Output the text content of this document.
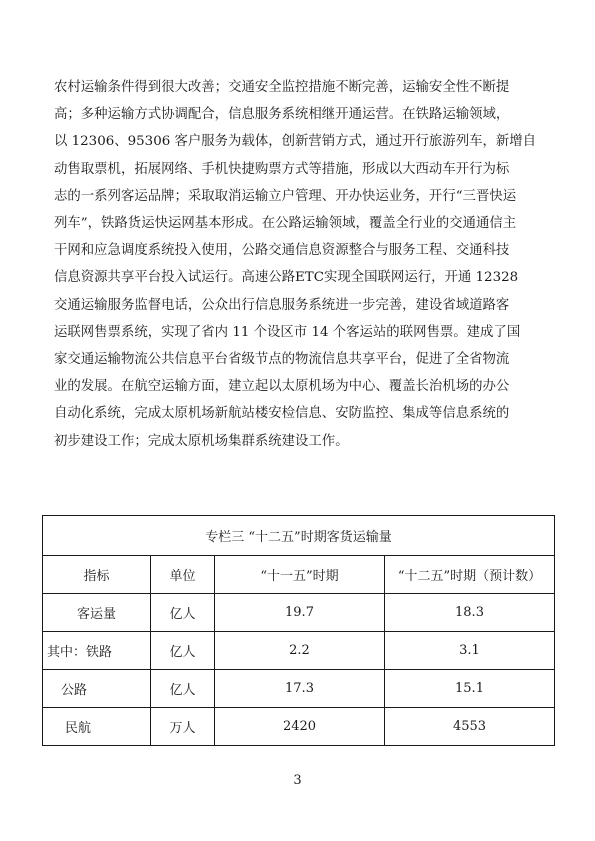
农村运输条件得到很大改善；交通安全监控措施不断完善，运输安全性不断提
高；多种运输方式协调配合，信息服务系统相继开通运营。在铁路运输领域，
以 12306、95306 客户服务为载体，创新营销方式，通过开行旅游列车，新增自
动售取票机，拓展网络、手机快捷购票方式等措施，形成以大西动车开行为标
志的一系列客运品牌；采取取消运输立户管理、开办快运业务，开行“三晋快运
列车”，铁路货运快运网基本形成。在公路运输领域，覆盖全行业的交通通信主
干网和应急调度系统投入使用，公路交通信息资源整合与服务工程、交通科技
信息资源共享平台投入试运行。高速公路ETC实现全国联网运行，开通 12328
交通运输服务监督电话，公众出行信息服务系统进一步完善，建设省域道路客
运联网售票系统，实现了省内 11 个设区市 14 个客运站的联网售票。建成了国
家交通运输物流公共信息平台省级节点的物流信息共享平台，促进了全省物流
业的发展。在航空运输方面，建立起以太原机场为中心、覆盖长治机场的办公
自动化系统，完成太原机场新航站楼安检信息、安防监控、集成等信息系统的
初步建设工作；完成太原机场集群系统建设工作。

专栏三 “十二五”时期客货运输量			
指标	单位	“十一五”时期	“十二五”时期（预计数）
客运量	亿人	19.7	18.3
其中：铁路	亿人	2.2	3.1
公路	亿人	17.3	15.1
民航	万人	2420	4553
3
